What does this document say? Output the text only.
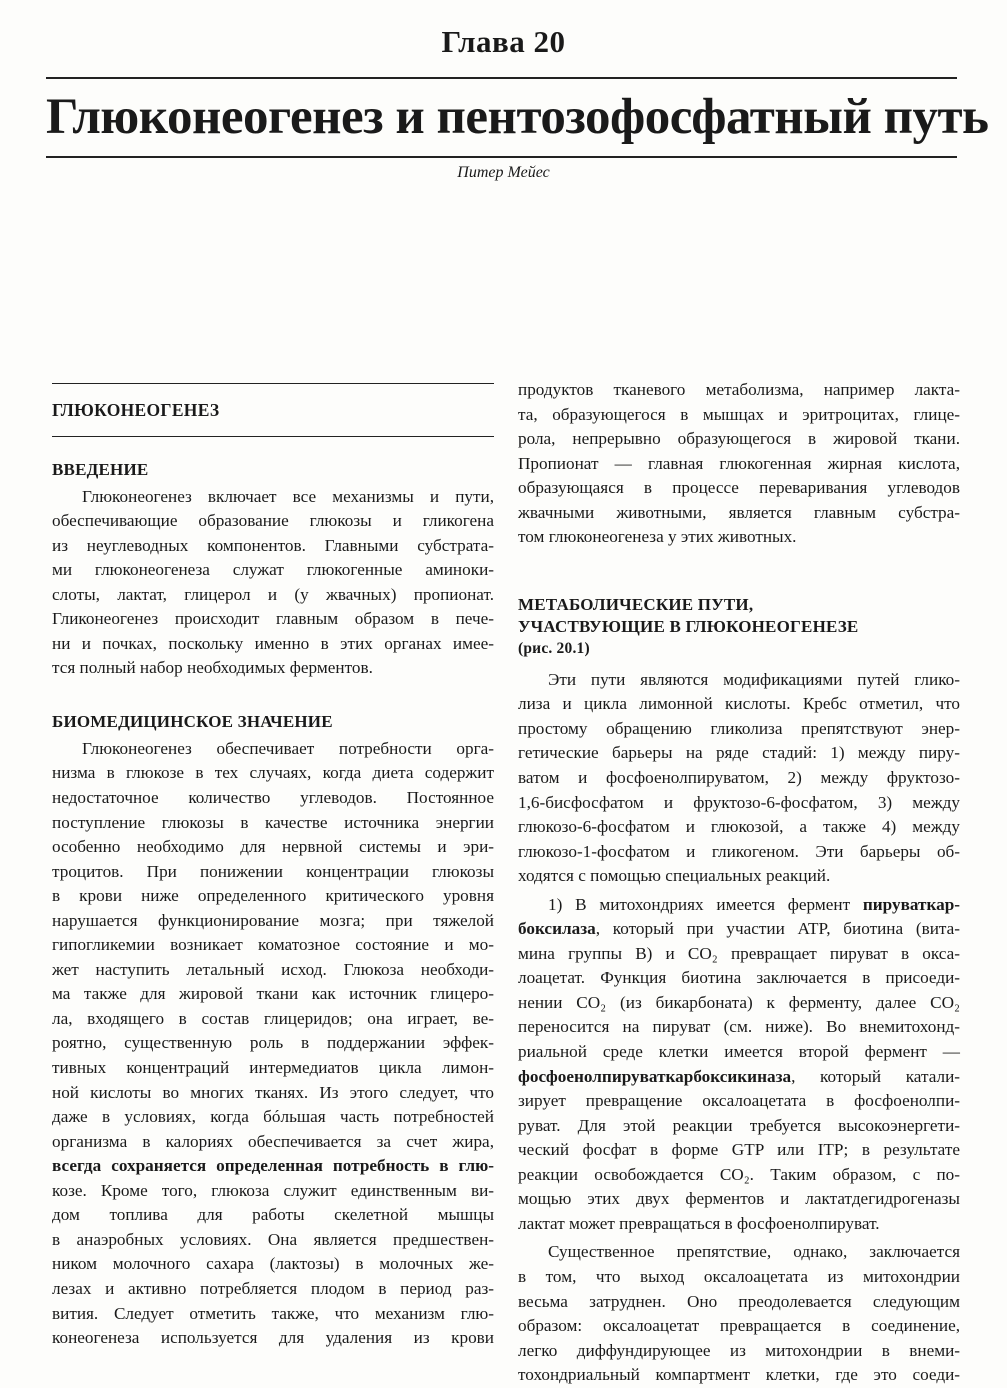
Глава 20
Глюконеогенез и пентозофосфатный путь
Питер Мейес
ГЛЮКОНЕОГЕНЕЗ
ВВЕДЕНИЕ
Глюконеогенез включает все механизмы и пути,
обеспечивающие образование глюкозы и гликогена
из неуглеводных компонентов. Главными субстрата-
ми глюконеогенеза служат глюкогенные аминоки-
слоты, лактат, глицерол и (у жвачных) пропионат.
Гликонеогенез происходит главным образом в пече-
ни и почках, поскольку именно в этих органах имее-
тся полный набор необходимых ферментов.
БИОМЕДИЦИНСКОЕ ЗНАЧЕНИЕ
Глюконеогенез обеспечивает потребности орга-
низма в глюкозе в тех случаях, когда диета содержит
недостаточное количество углеводов. Постоянное
поступление глюкозы в качестве источника энергии
особенно необходимо для нервной системы и эри-
троцитов. При понижении концентрации глюкозы
в крови ниже определенного критического уровня
нарушается функционирование мозга; при тяжелой
гипогликемии возникает коматозное состояние и мо-
жет наступить летальный исход. Глюкоза необходи-
ма также для жировой ткани как источник глицеро-
ла, входящего в состав глицеридов; она играет, ве-
роятно, существенную роль в поддержании эффек-
тивных концентраций интермедиатов цикла лимон-
ной кислоты во многих тканях. Из этого следует, что
даже в условиях, когда бóльшая часть потребностей
организма в калориях обеспечивается за счет жира,
всегда сохраняется определенная потребность в глю-
козе. Кроме того, глюкоза служит единственным ви-
дом топлива для работы скелетной мышцы
в анаэробных условиях. Она является предшествен-
ником молочного сахара (лактозы) в молочных же-
лезах и активно потребляется плодом в период раз-
вития. Следует отметить также, что механизм глю-
конеогенеза используется для удаления из крови
продуктов тканевого метаболизма, например лакта-
та, образующегося в мышцах и эритроцитах, глице-
рола, непрерывно образующегося в жировой ткани.
Пропионат — главная глюкогенная жирная кислота,
образующаяся в процессе переваривания углеводов
жвачными животными, является главным субстра-
том глюконеогенеза у этих животных.
МЕТАБОЛИЧЕСКИЕ ПУТИ,
УЧАСТВУЮЩИЕ В ГЛЮКОНЕОГЕНЕЗЕ
(рис. 20.1)
Эти пути являются модификациями путей глико-
лиза и цикла лимонной кислоты. Кребс отметил, что
простому обращению гликолиза препятствуют энер-
гетические барьеры на ряде стадий: 1) между пиру-
ватом и фосфоенолпируватом, 2) между фруктозо-
1,6-бисфосфатом и фруктозо-6-фосфатом, 3) между
глюкозо-6-фосфатом и глюкозой, а также 4) между
глюкозо-1-фосфатом и гликогеном. Эти барьеры об-
ходятся с помощью специальных реакций.
1) В митохондриях имеется фермент пируваткар-
боксилаза, который при участии ATP, биотина (вита-
мина группы В) и CO₂ превращает пируват в окса-
лоацетат. Функция биотина заключается в присоеди-
нении CO₂ (из бикарбоната) к ферменту, далее CO₂
переносится на пируват (см. ниже). Во внемитохонд-
риальной среде клетки имеется второй фермент —
фосфоенолпируваткарбоксикиназа, который катали-
зирует превращение оксалоацетата в фосфоенолпи-
руват. Для этой реакции требуется высокоэнергети-
ческий фосфат в форме GTP или ITP; в результате
реакции освобождается CO₂. Таким образом, с по-
мощью этих двух ферментов и лактатдегидрогеназы
лактат может превращаться в фосфоенолпируват.
Существенное препятствие, однако, заключается
в том, что выход оксалоацетата из митохондрии
весьма затруднен. Оно преодолевается следующим
образом: оксалоацетат превращается в соединение,
легко диффундирующее из митохондрии в внеми-
тохондриальный компартмент клетки, где это соеди-
